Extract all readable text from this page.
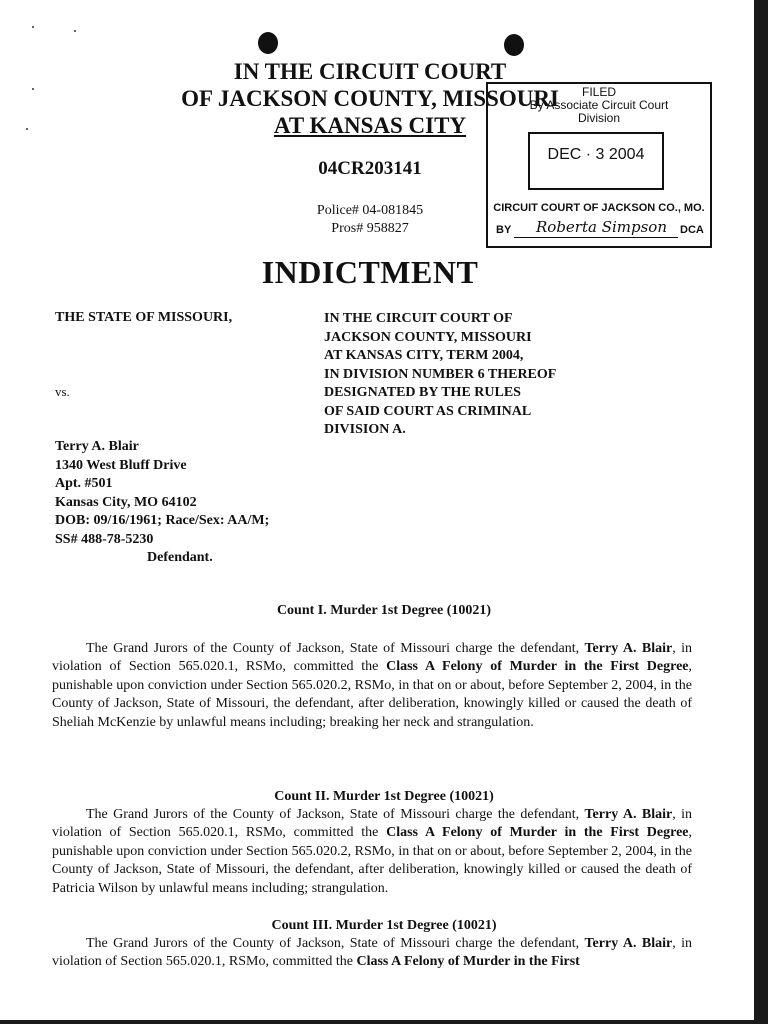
IN THE CIRCUIT COURT
OF JACKSON COUNTY, MISSOURI
AT KANSAS CITY
04CR203141
Police# 04-081845
Pros# 958827
FILED
By Associate Circuit Court
Division
DEC · 3 2004
CIRCUIT COURT OF JACKSON CO., MO.
BY Roberta Simpson DCA
INDICTMENT
THE STATE OF MISSOURI,	IN THE CIRCUIT COURT OF
JACKSON COUNTY, MISSOURI
AT KANSAS CITY, TERM 2004,
IN DIVISION NUMBER 6 THEREOF
DESIGNATED BY THE RULES
OF SAID COURT AS CRIMINAL
DIVISION A.
vs.
Terry A. Blair
1340 West Bluff Drive
Apt. #501
Kansas City, MO 64102
DOB: 09/16/1961; Race/Sex: AA/M;
SS# 488-78-5230
Defendant.
Count I. Murder 1st Degree (10021)

The Grand Jurors of the County of Jackson, State of Missouri charge the defendant, Terry A. Blair, in violation of Section 565.020.1, RSMo, committed the Class A Felony of Murder in the First Degree, punishable upon conviction under Section 565.020.2, RSMo, in that on or about, before September 2, 2004, in the County of Jackson, State of Missouri, the defendant, after deliberation, knowingly killed or caused the death of Sheliah McKenzie by unlawful means including; breaking her neck and strangulation.

Count II. Murder 1st Degree (10021)

The Grand Jurors of the County of Jackson, State of Missouri charge the defendant, Terry A. Blair, in violation of Section 565.020.1, RSMo, committed the Class A Felony of Murder in the First Degree, punishable upon conviction under Section 565.020.2, RSMo, in that on or about, before September 2, 2004, in the County of Jackson, State of Missouri, the defendant, after deliberation, knowingly killed or caused the death of Patricia Wilson by unlawful means including; strangulation.

Count III. Murder 1st Degree (10021)

The Grand Jurors of the County of Jackson, State of Missouri charge the defendant, Terry A. Blair, in violation of Section 565.020.1, RSMo, committed the Class A Felony of Murder in the First
